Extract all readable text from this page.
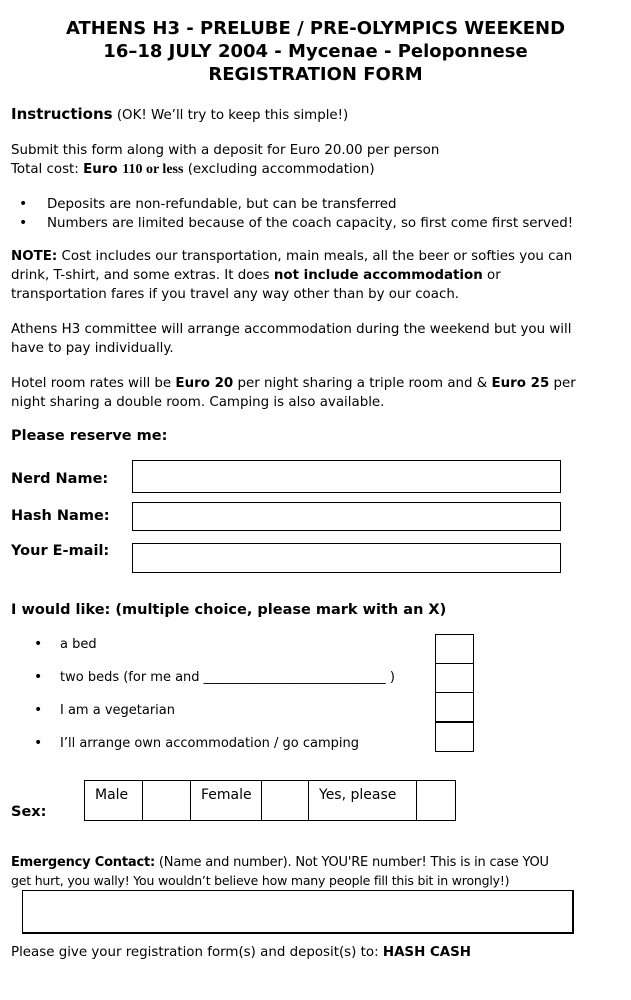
ATHENS H3 - PRELUBE / PRE-OLYMPICS WEEKEND
16–18 JULY 2004 - Mycenae - Peloponnese
REGISTRATION FORM
Instructions (OK! We’ll try to keep this simple!)
Submit this form along with a deposit for Euro 20.00 per person
Total cost: Euro 110 or less (excluding accommodation)
• Deposits are non-refundable, but can be transferred
• Numbers are limited because of the coach capacity, so first come first served!
NOTE: Cost includes our transportation, main meals, all the beer or softies you can
drink, T-shirt, and some extras. It does not include accommodation or
transportation fares if you travel any way other than by our coach.
Athens H3 committee will arrange accommodation during the weekend but you will
have to pay individually.
Hotel room rates will be Euro 20 per night sharing a triple room and & Euro 25 per
night sharing a double room. Camping is also available.
Please reserve me:
Nerd Name:
Hash Name:
Your E-mail:
I would like: (multiple choice, please mark with an X)
• a bed
• two beds (for me and ____________________________ )
• I am a vegetarian
• I’ll arrange own accommodation / go camping
Sex:
Male	Female	Yes, please
Emergency Contact: (Name and number). Not YOU'RE number! This is in case YOU
get hurt, you wally! You wouldn’t believe how many people fill this bit in wrongly!)
Please give your registration form(s) and deposit(s) to: HASH CASH
